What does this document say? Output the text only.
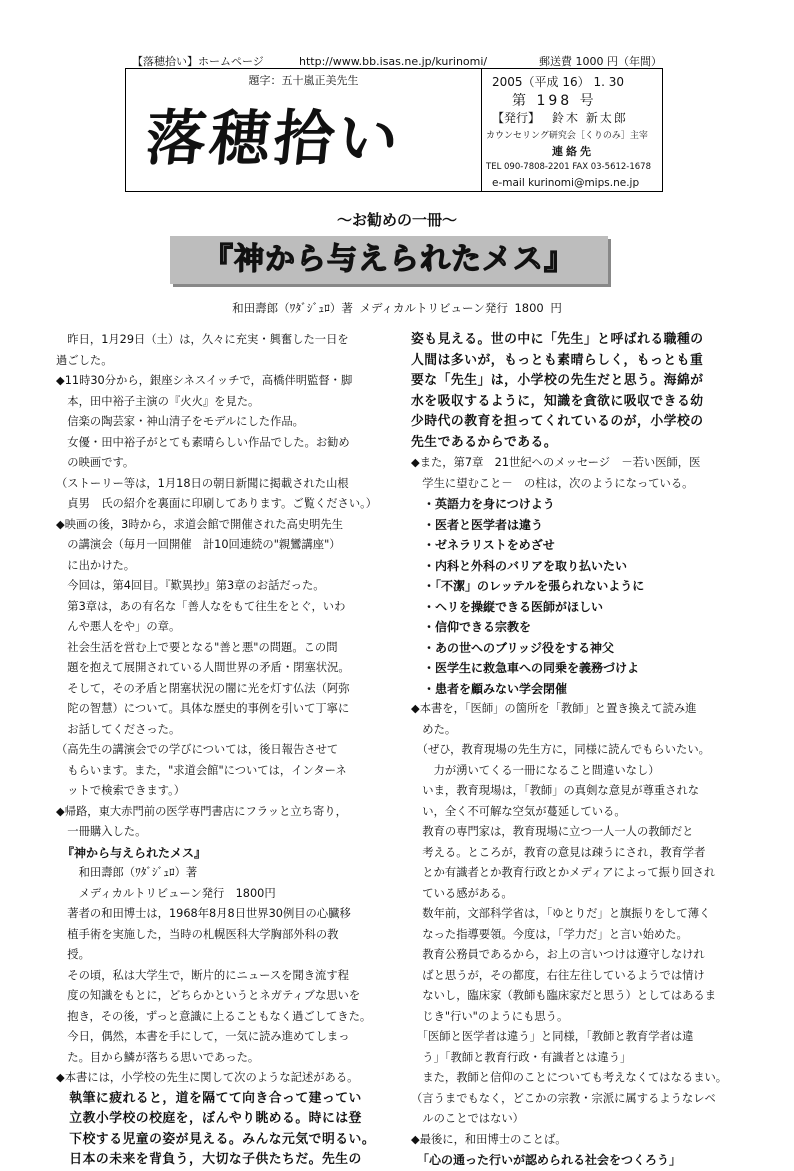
【落穂拾い】ホームページ	http://www.bb.isas.ne.jp/kurinomi/	郵送費 1000 円（年間）
題字：五十嵐正美先生
落穂拾い
2005（平成 16） 1. 30
第 198 号
【発行】 鈴木 新太郎
カウンセリング研究会［くりのみ］主宰
連絡先
TEL 090-7808-2201 FAX 03-5612-1678
e-mail kurinomi@mips.ne.jp
～お勧めの一冊～
『神から与えられたメス』
和田壽郎（ﾜﾀﾞｼﾞｭﾛ）著 メディカルトリビューン発行 1800 円

　昨日，1月29日（土）は，久々に充実・興奮した一日を
過ごした。

◆11時30分から，銀座シネスイッチで，高橋伴明監督・脚
　本，田中裕子主演の『火火』を見た。

　信楽の陶芸家・神山清子をモデルにした作品。
　女優・田中裕子がとても素晴らしい作品でした。お勧め
　の映画です。

（ストーリー等は，1月18日の朝日新聞に掲載された山根
　貞男　氏の紹介を裏面に印刷してあります。ご覧ください。）

◆映画の後，3時から，求道会館で開催された高史明先生
　の講演会（毎月一回開催　計10回連続の"親鸞講座"）
　に出かけた。

　今回は，第4回目。『歎異抄』第3章のお話だった。
　第3章は，あの有名な「善人なをもて往生をとぐ，いわ
　んや悪人をや」の章。

　社会生活を営む上で要となる"善と悪"の問題。この問
　題を抱えて展開されている人間世界の矛盾・閉塞状況。
　そして，その矛盾と閉塞状況の闇に光を灯す仏法（阿弥
　陀の智慧）について。具体な歴史的事例を引いて丁寧に
　お話してくださった。

（高先生の講演会での学びについては，後日報告させて
　もらいます。また，"求道会館"については，インターネ
　ットで検索できます。）

◆帰路，東大赤門前の医学専門書店にフラッと立ち寄り，
　一冊購入した。

　『神から与えられたメス』

　　和田壽郎（ﾜﾀﾞｼﾞｭﾛ）著
　　メディカルトリビューン発行　1800円

　著者の和田博士は，1968年8月8日世界30例目の心臓移
　植手術を実施した，当時の札幌医科大学胸部外科の教
　授。

　その頃，私は大学生で，断片的にニュースを聞き流す程
　度の知識をもとに，どちらかというとネガティブな思いを
　抱き，その後，ずっと意識に上ることもなく過ごしてきた。
　今日，偶然，本書を手にして，一気に読み進めてしまっ
　た。目から鱗が落ちる思いであった。

◆本書には，小学校の先生に関して次のような記述がある。

　執筆に疲れると，道を隔てて向き合って建ってい
　立教小学校の校庭を，ぼんやり眺める。時には登
　下校する児童の姿が見える。みんな元気で明るい。
　日本の未来を背負う，大切な子供たちだ。先生の

姿も見える。世の中に「先生」と呼ばれる職種の
人間は多いが，もっとも素晴らしく，もっとも重
要な「先生」は，小学校の先生だと思う。海綿が
水を吸収するように，知識を貪欲に吸収できる幼
少時代の教育を担ってくれているのが，小学校の
先生であるからである。

◆また，第7章　21世紀へのメッセージ　－若い医師，医
　学生に望むこと－　の柱は，次のようになっている。

　・英語力を身につけよう
　・医者と医学者は違う
　・ゼネラリストをめざせ
　・内科と外科のバリアを取り払いたい
　・「不潔」のレッテルを張られないように
　・ヘリを操縦できる医師がほしい
　・信仰できる宗教を
　・あの世へのブリッジ役をする神父
　・医学生に救急車への同乗を義務づけよ
　・患者を顧みない学会閉催

◆本書を，「医師」の箇所を「教師」と置き換えて読み進
　めた。

　（ぜひ，教育現場の先生方に，同様に読んでもらいたい。
　　力が湧いてくる一冊になること間違いなし）

　いま，教育現場は，「教師」の真剣な意見が尊重されな
　い，全く不可解な空気が蔓延している。

　教育の専門家は，教育現場に立つ一人一人の教師だと
　考える。ところが，教育の意見は疎うにされ，教育学者
　とか有識者とか教育行政とかメディアによって振り回され
　ている感がある。

　数年前，文部科学省は，「ゆとりだ」と旗振りをして薄く
　なった指導要領。今度は，「学力だ」と言い始めた。

　教育公務員であるから，お上の言いつけは遵守しなけれ
　ばと思うが，その都度，右往左往しているようでは情け
　ないし，臨床家（教師も臨床家だと思う）としてはあるま
　じき"行い"のようにも思う。

　「医師と医学者は違う」と同様，「教師と教育学者は違
　う」「教師と教育行政・有識者とは違う」

　また，教師と信仰のことについても考えなくてはなるまい。
（言うまでもなく，どこかの宗教・宗派に属するようなレベ
　ルのことではない）

◆最後に，和田博士のことば。

　「心の通った行いが認められる社会をつくろう」
